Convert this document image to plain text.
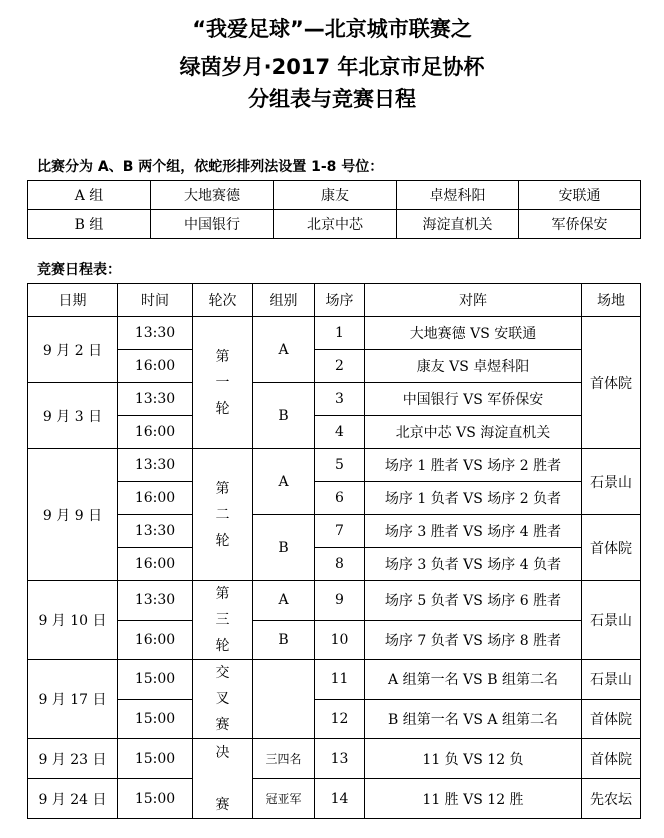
“我爱足球”—北京城市联赛之
绿茵岁月·2017 年北京市足协杯
分组表与竞赛日程
比赛分为 A、B 两个组，依蛇形排列法设置 1-8 号位：
A 组	大地赛德	康友	卓煜科阳	安联通
B 组	中国银行	北京中芯	海淀直机关	军侨保安
竞赛日程表：
日期	时间	轮次	组别	场序	对阵	场地
9 月 2 日	13:30	第
一
轮	A	1	大地赛德 VS 安联通	首体院
	16:00			2	康友 VS 卓煜科阳	
9 月 3 日	13:30		B	3	中国银行 VS 军侨保安	
	16:00			4	北京中芯 VS 海淀直机关	
9 月 9 日	13:30	第
二
轮	A	5	场序 1 胜者 VS 场序 2 胜者	石景山
	16:00			6	场序 1 负者 VS 场序 2 负者	
	13:30		B	7	场序 3 胜者 VS 场序 4 胜者	首体院
	16:00			8	场序 3 负者 VS 场序 4 负者	
9 月 10 日	13:30	第
三
轮	A	9	场序 5 负者 VS 场序 6 胜者	石景山
	16:00		B	10	场序 7 负者 VS 场序 8 胜者	
9 月 17 日	15:00	交
叉
赛		11	A 组第一名 VS B 组第二名	石景山
	15:00			12	B 组第一名 VS A 组第二名	首体院
9 月 23 日	15:00	决

赛	三四名	13	11 负 VS 12 负	首体院
9 月 24 日	15:00		冠亚军	14	11 胜 VS 12 胜	先农坛
